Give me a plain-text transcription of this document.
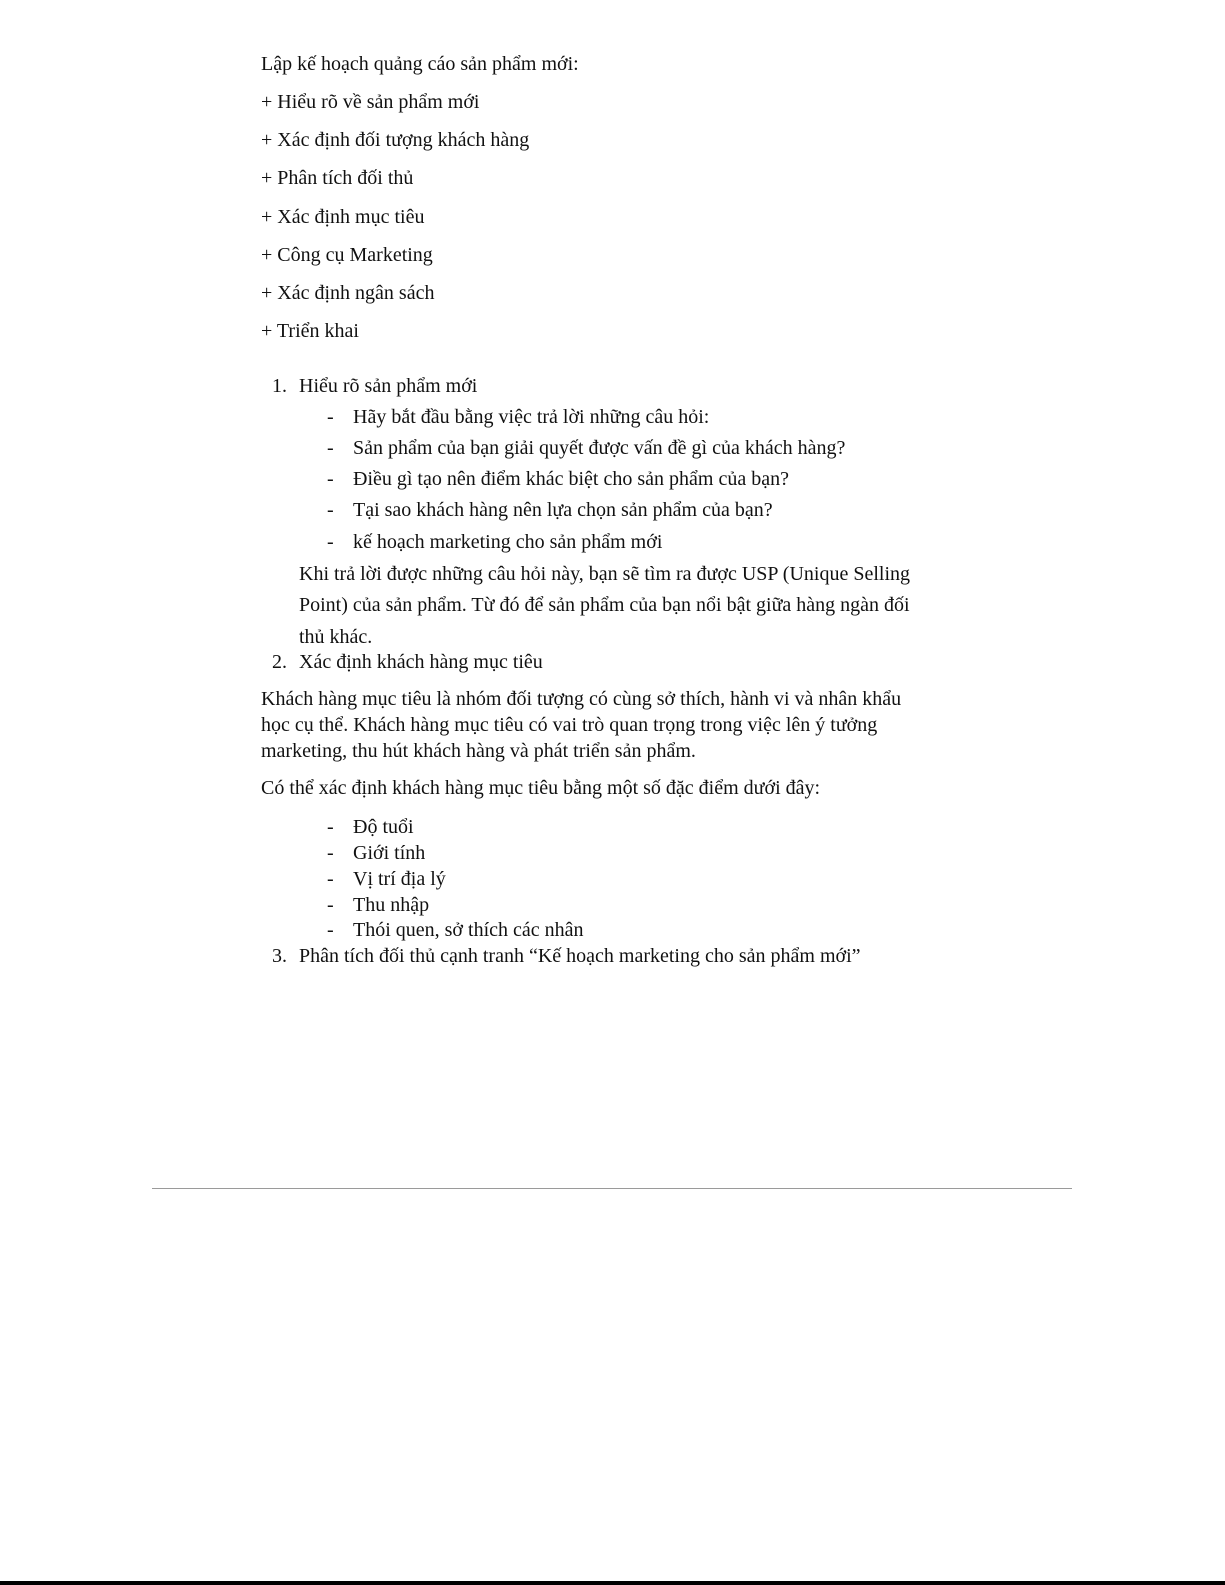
Lập kế hoạch quảng cáo sản phẩm mới:
+ Hiểu rõ về sản phẩm mới
+ Xác định đối tượng khách hàng
+ Phân tích đối thủ
+ Xác định mục tiêu
+ Công cụ Marketing
+ Xác định ngân sách
+ Triển khai
1. Hiểu rõ sản phẩm mới
- Hãy bắt đầu bằng việc trả lời những câu hỏi:
- Sản phẩm của bạn giải quyết được vấn đề gì của khách hàng?
- Điều gì tạo nên điểm khác biệt cho sản phẩm của bạn?
- Tại sao khách hàng nên lựa chọn sản phẩm của bạn?
- kế hoạch marketing cho sản phẩm mới
Khi trả lời được những câu hỏi này, bạn sẽ tìm ra được USP (Unique Selling
Point) của sản phẩm. Từ đó để sản phẩm của bạn nổi bật giữa hàng ngàn đối
thủ khác.
2. Xác định khách hàng mục tiêu
Khách hàng mục tiêu là nhóm đối tượng có cùng sở thích, hành vi và nhân khẩu
học cụ thể. Khách hàng mục tiêu có vai trò quan trọng trong việc lên ý tưởng
marketing, thu hút khách hàng và phát triển sản phẩm.
Có thể xác định khách hàng mục tiêu bằng một số đặc điểm dưới đây:
- Độ tuổi
- Giới tính
- Vị trí địa lý
- Thu nhập
- Thói quen, sở thích các nhân
3. Phân tích đối thủ cạnh tranh “Kế hoạch marketing cho sản phẩm mới”
